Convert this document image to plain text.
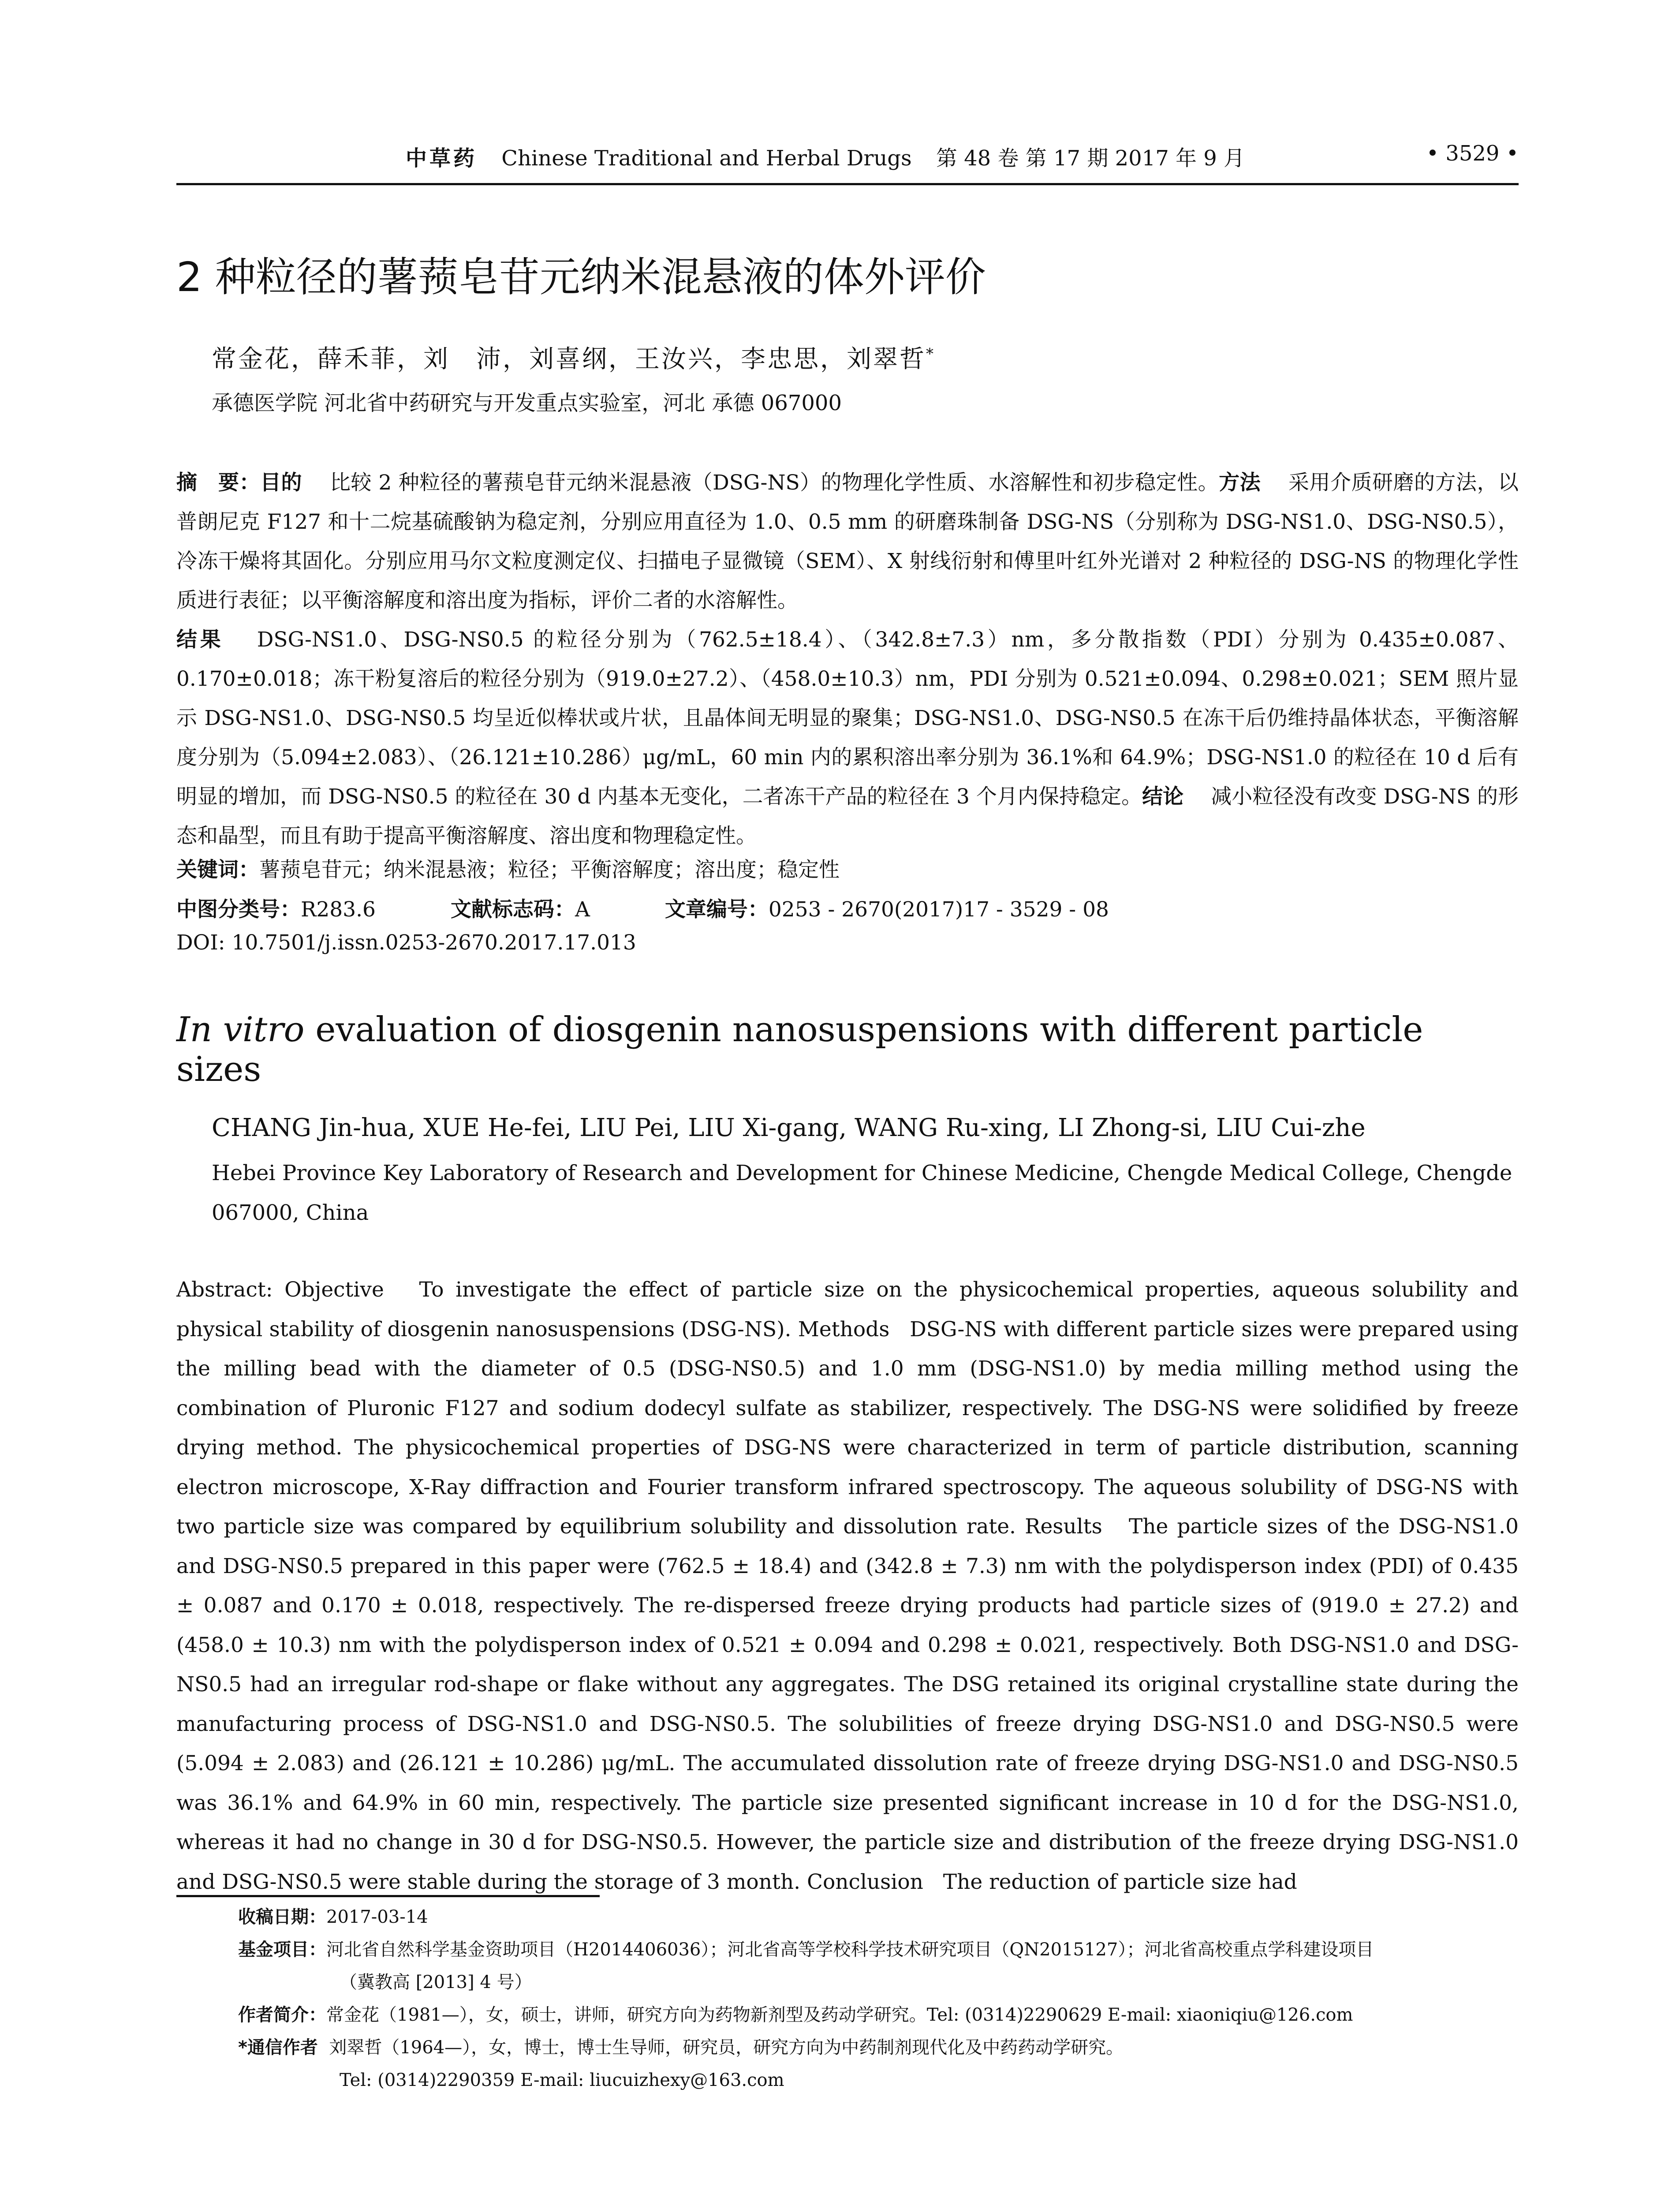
中草药 Chinese Traditional and Herbal Drugs 第 48 卷 第 17 期 2017 年 9 月	• 3529 •
2 种粒径的薯蓣皂苷元纳米混悬液的体外评价
常金花，薛禾菲，刘　沛，刘喜纲，王汝兴，李忠思，刘翠哲*
承德医学院 河北省中药研究与开发重点实验室，河北 承德 067000
摘　要：目的　 比较 2 种粒径的薯蓣皂苷元纳米混悬液（DSG-NS）的物理化学性质、水溶解性和初步稳定性。方法　 采用介质研磨的方法，以普朗尼克 F127 和十二烷基硫酸钠为稳定剂，分别应用直径为 1.0、0.5 mm 的研磨珠制备 DSG-NS（分别称为 DSG-NS1.0、DSG-NS0.5），冷冻干燥将其固化。分别应用马尔文粒度测定仪、扫描电子显微镜（SEM）、X 射线衍射和傅里叶红外光谱对 2 种粒径的 DSG-NS 的物理化学性质进行表征；以平衡溶解度和溶出度为指标，评价二者的水溶解性。
结果　 DSG-NS1.0、DSG-NS0.5 的粒径分别为（762.5±18.4）、（342.8±7.3）nm，多分散指数（PDI）分别为 0.435±0.087、0.170±0.018；冻干粉复溶后的粒径分别为（919.0±27.2）、（458.0±10.3）nm，PDI 分别为 0.521±0.094、0.298±0.021；SEM 照片显示 DSG-NS1.0、DSG-NS0.5 均呈近似棒状或片状，且晶体间无明显的聚集；DSG-NS1.0、DSG-NS0.5 在冻干后仍维持晶体状态，平衡溶解度分别为（5.094±2.083）、（26.121±10.286）μg/mL，60 min 内的累积溶出率分别为 36.1%和 64.9%；DSG-NS1.0 的粒径在 10 d 后有明显的增加，而 DSG-NS0.5 的粒径在 30 d 内基本无变化，二者冻干产品的粒径在 3 个月内保持稳定。结论　 减小粒径没有改变 DSG-NS 的形态和晶型，而且有助于提高平衡溶解度、溶出度和物理稳定性。
关键词：薯蓣皂苷元；纳米混悬液；粒径；平衡溶解度；溶出度；稳定性
中图分类号：R283.6	文献标志码：A	文章编号：0253 - 2670(2017)17 - 3529 - 08
DOI: 10.7501/j.issn.0253-2670.2017.17.013
In vitro evaluation of diosgenin nanosuspensions with different particle sizes
CHANG Jin-hua, XUE He-fei, LIU Pei, LIU Xi-gang, WANG Ru-xing, LI Zhong-si, LIU Cui-zhe
Hebei Province Key Laboratory of Research and Development for Chinese Medicine, Chengde Medical College, Chengde 067000, China
Abstract: Objective To investigate the effect of particle size on the physicochemical properties, aqueous solubility and physical stability of diosgenin nanosuspensions (DSG-NS). Methods DSG-NS with different particle sizes were prepared using the milling bead with the diameter of 0.5 (DSG-NS0.5) and 1.0 mm (DSG-NS1.0) by media milling method using the combination of Pluronic F127 and sodium dodecyl sulfate as stabilizer, respectively. The DSG-NS were solidified by freeze drying method. The physicochemical properties of DSG-NS were characterized in term of particle distribution, scanning electron microscope, X-Ray diffraction and Fourier transform infrared spectroscopy. The aqueous solubility of DSG-NS with two particle size was compared by equilibrium solubility and dissolution rate. Results The particle sizes of the DSG-NS1.0 and DSG-NS0.5 prepared in this paper were (762.5 ± 18.4) and (342.8 ± 7.3) nm with the polydisperson index (PDI) of 0.435 ± 0.087 and 0.170 ± 0.018, respectively. The re-dispersed freeze drying products had particle sizes of (919.0 ± 27.2) and (458.0 ± 10.3) nm with the polydisperson index of 0.521 ± 0.094 and 0.298 ± 0.021, respectively. Both DSG-NS1.0 and DSG-NS0.5 had an irregular rod-shape or flake without any aggregates. The DSG retained its original crystalline state during the manufacturing process of DSG-NS1.0 and DSG-NS0.5. The solubilities of freeze drying DSG-NS1.0 and DSG-NS0.5 were (5.094 ± 2.083) and (26.121 ± 10.286) μg/mL. The accumulated dissolution rate of freeze drying DSG-NS1.0 and DSG-NS0.5 was 36.1% and 64.9% in 60 min, respectively. The particle size presented significant increase in 10 d for the DSG-NS1.0, whereas it had no change in 30 d for DSG-NS0.5. However, the particle size and distribution of the freeze drying DSG-NS1.0 and DSG-NS0.5 were stable during the storage of 3 month. Conclusion The reduction of particle size had
收稿日期：2017-03-14
基金项目：河北省自然科学基金资助项目（H2014406036）；河北省高等学校科学技术研究项目（QN2015127）；河北省高校重点学科建设项目
（冀教高 [2013] 4 号）
作者简介：常金花（1981—），女，硕士，讲师，研究方向为药物新剂型及药动学研究。Tel: (0314)2290629 E-mail: xiaoniqiu@126.com
*通信作者 刘翠哲（1964—），女，博士，博士生导师，研究员，研究方向为中药制剂现代化及中药药动学研究。
Tel: (0314)2290359 E-mail: liucuizhexy@163.com
